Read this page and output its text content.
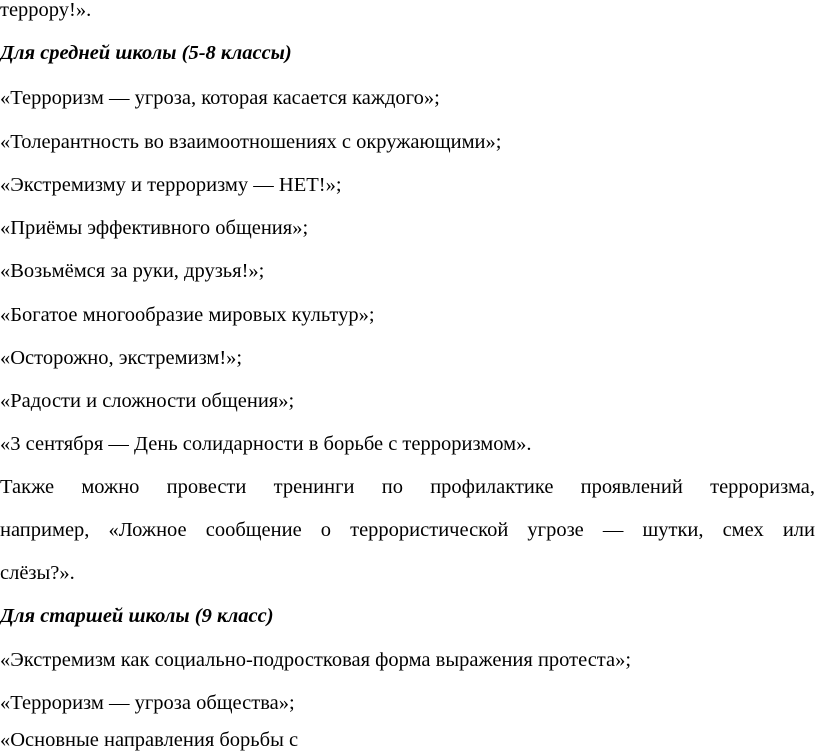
террору!».
Для средней школы (5-8 классы)
«Терроризм — угроза, которая касается каждого»;
«Толерантность во взаимоотношениях с окружающими»;
«Экстремизму и терроризму — НЕТ!»;
«Приёмы эффективного общения»;
«Возьмёмся за руки, друзья!»;
«Богатое многообразие мировых культур»;
«Осторожно, экстремизм!»;
«Радости и сложности общения»;
«3 сентября — День солидарности в борьбе с терроризмом».
Также можно провести тренинги по профилактике проявлений терроризма,
например, «Ложное сообщение о террористической угрозе — шутки, смех или
слёзы?».
Для старшей школы (9 класс)
«Экстремизм как социально-подростковая форма выражения протеста»;
«Терроризм — угроза общества»;
«Основные направления борьбы с
